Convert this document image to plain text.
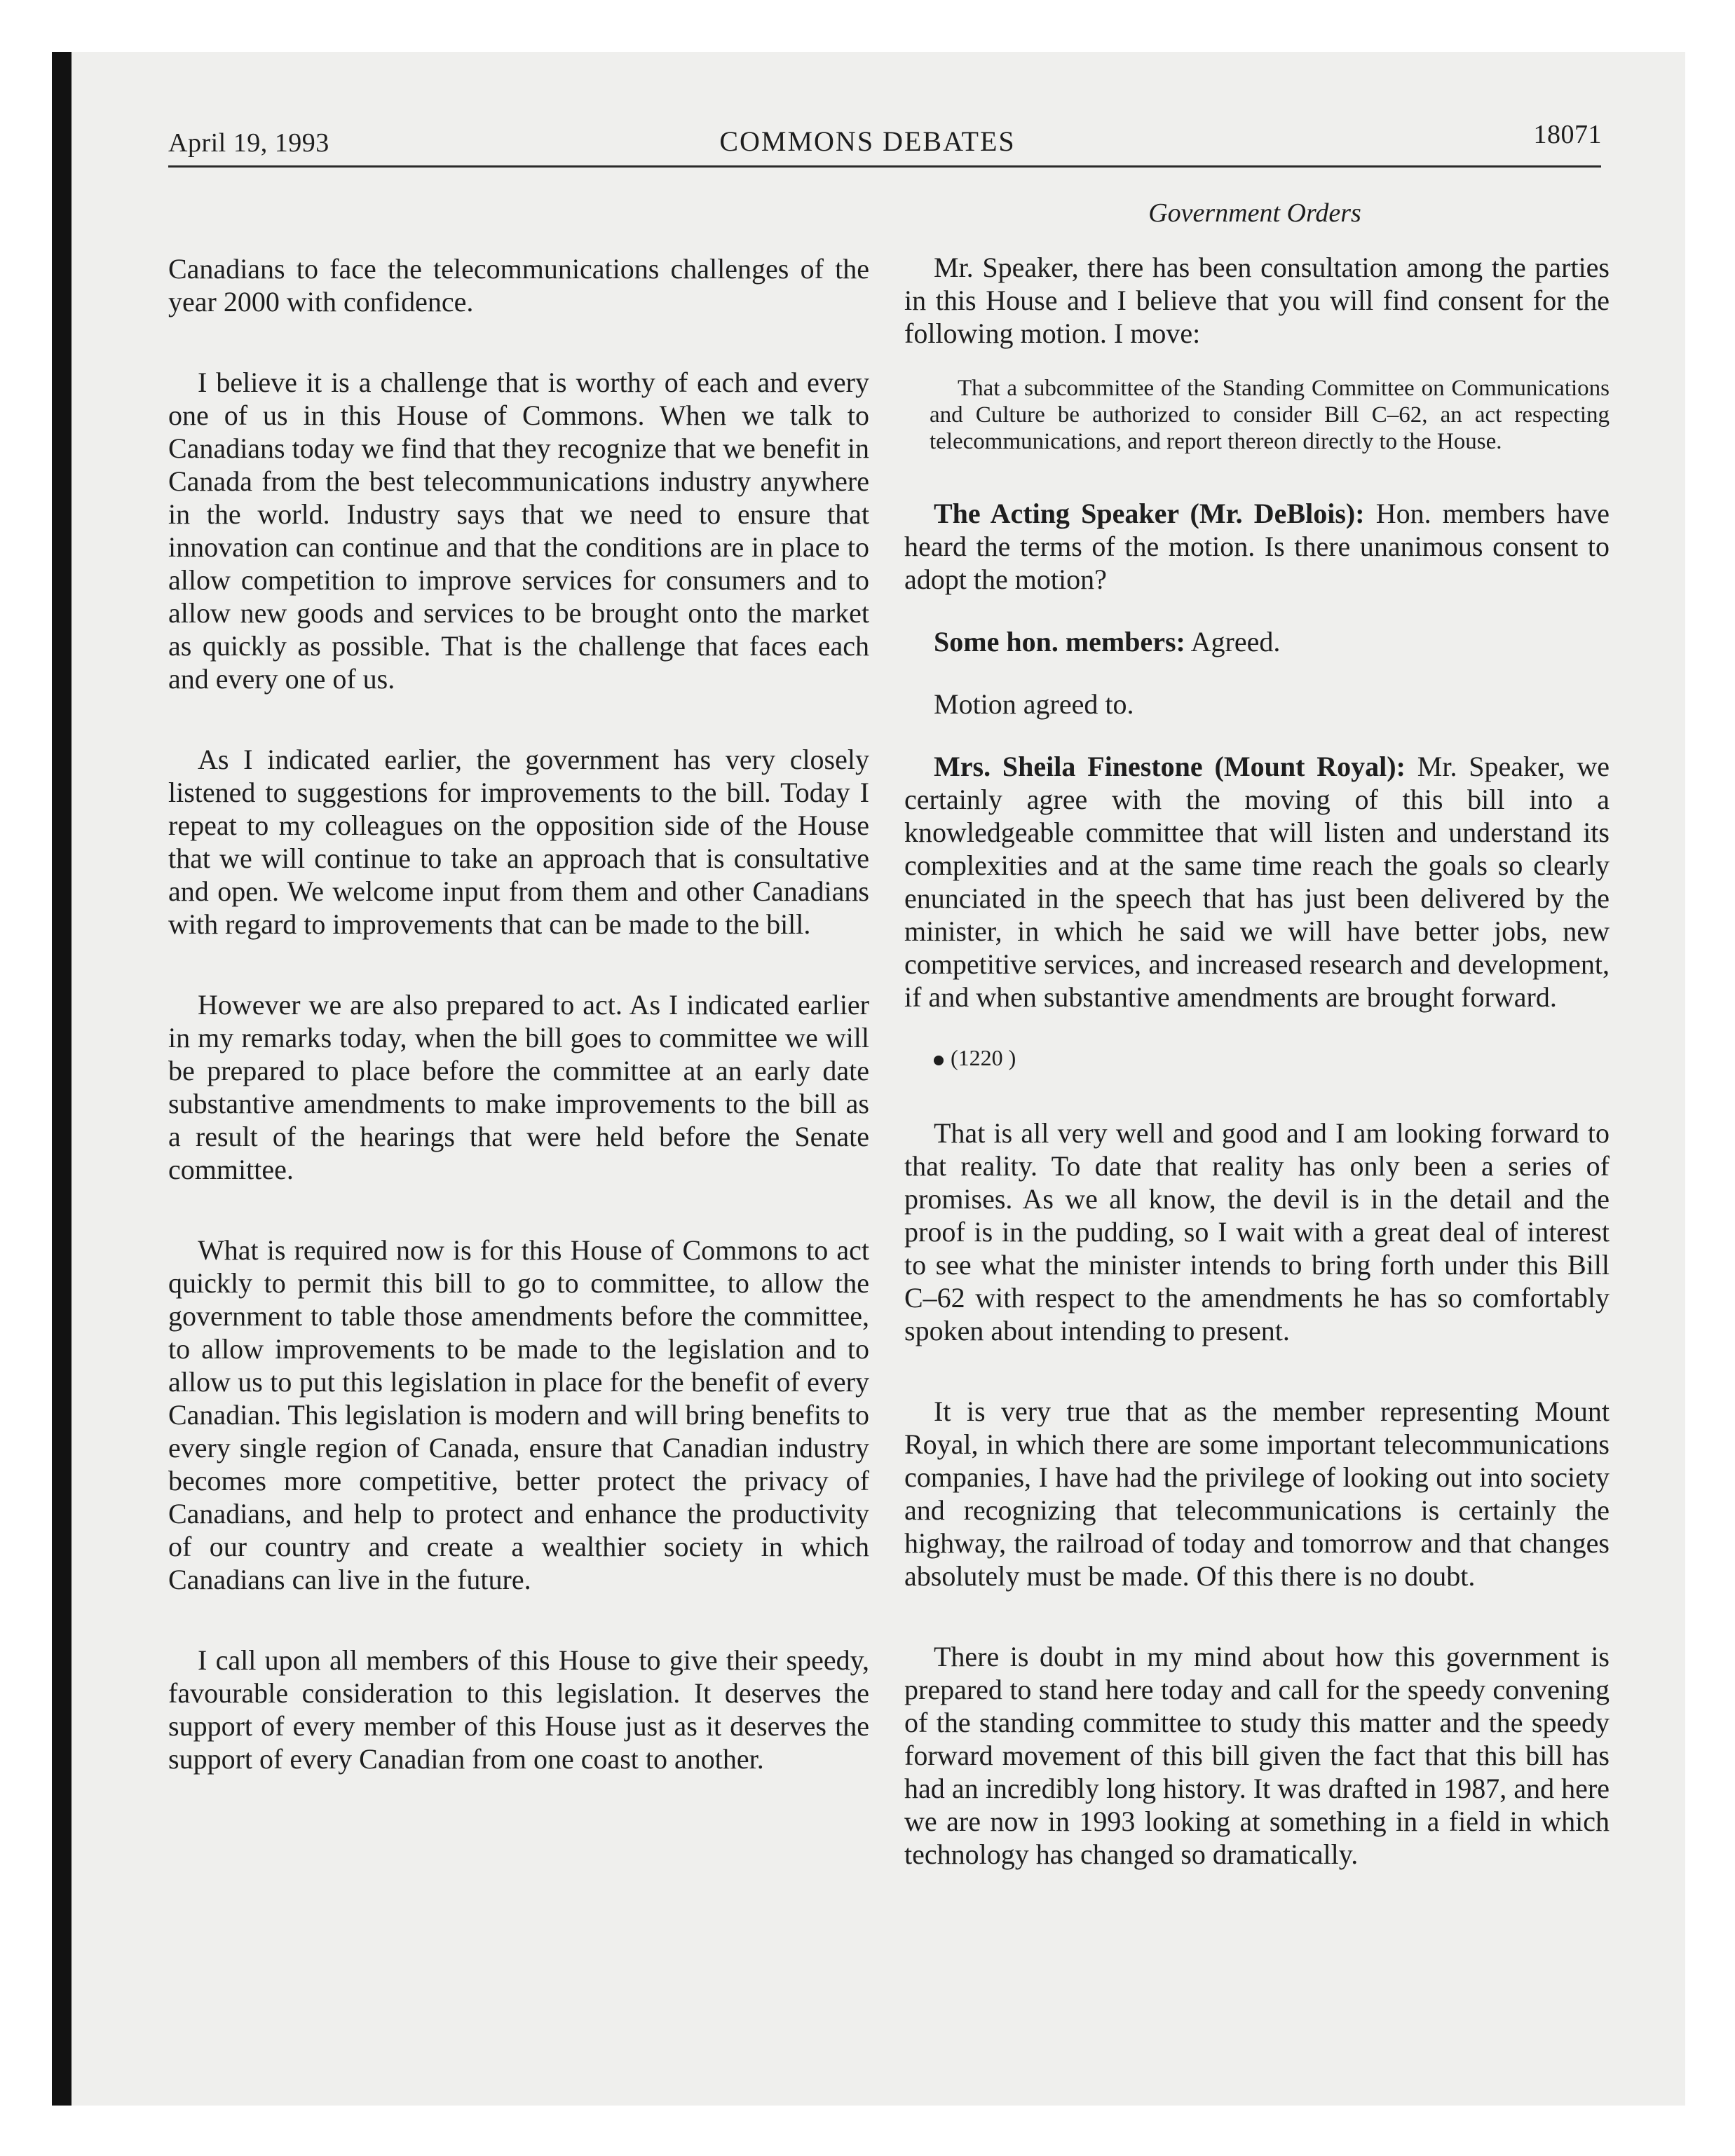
April 19, 1993	COMMONS DEBATES	18071
Government Orders

Canadians to face the telecommunications challenges of the year 2000 with confidence.

I believe it is a challenge that is worthy of each and every one of us in this House of Commons. When we talk to Canadians today we find that they recognize that we benefit in Canada from the best telecommunications industry anywhere in the world. Industry says that we need to ensure that innovation can continue and that the conditions are in place to allow competition to improve services for consumers and to allow new goods and services to be brought onto the market as quickly as possible. That is the challenge that faces each and every one of us.

As I indicated earlier, the government has very closely listened to suggestions for improvements to the bill. Today I repeat to my colleagues on the opposition side of the House that we will continue to take an approach that is consultative and open. We welcome input from them and other Canadians with regard to improvements that can be made to the bill.

However we are also prepared to act. As I indicated earlier in my remarks today, when the bill goes to committee we will be prepared to place before the committee at an early date substantive amendments to make improvements to the bill as a result of the hearings that were held before the Senate committee.

What is required now is for this House of Commons to act quickly to permit this bill to go to committee, to allow the government to table those amendments before the committee, to allow improvements to be made to the legislation and to allow us to put this legislation in place for the benefit of every Canadian. This legislation is modern and will bring benefits to every single region of Canada, ensure that Canadian industry becomes more competitive, better protect the privacy of Canadians, and help to protect and enhance the productivity of our country and create a wealthier society in which Canadians can live in the future.

I call upon all members of this House to give their speedy, favourable consideration to this legislation. It deserves the support of every member of this House just as it deserves the support of every Canadian from one coast to another.

Mr. Speaker, there has been consultation among the parties in this House and I believe that you will find consent for the following motion. I move:

That a subcommittee of the Standing Committee on Communications and Culture be authorized to consider Bill C–62, an act respecting telecommunications, and report thereon directly to the House.

The Acting Speaker (Mr. DeBlois): Hon. members have heard the terms of the motion. Is there unanimous consent to adopt the motion?

Some hon. members: Agreed.

Motion agreed to.

Mrs. Sheila Finestone (Mount Royal): Mr. Speaker, we certainly agree with the moving of this bill into a knowledgeable committee that will listen and understand its complexities and at the same time reach the goals so clearly enunciated in the speech that has just been delivered by the minister, in which he said we will have better jobs, new competitive services, and increased research and development, if and when substantive amendments are brought forward.

(1220 )

That is all very well and good and I am looking forward to that reality. To date that reality has only been a series of promises. As we all know, the devil is in the detail and the proof is in the pudding, so I wait with a great deal of interest to see what the minister intends to bring forth under this Bill C–62 with respect to the amendments he has so comfortably spoken about intending to present.

It is very true that as the member representing Mount Royal, in which there are some important telecommunications companies, I have had the privilege of looking out into society and recognizing that telecommunications is certainly the highway, the railroad of today and tomorrow and that changes absolutely must be made. Of this there is no doubt.

There is doubt in my mind about how this government is prepared to stand here today and call for the speedy convening of the standing committee to study this matter and the speedy forward movement of this bill given the fact that this bill has had an incredibly long history. It was drafted in 1987, and here we are now in 1993 looking at something in a field in which technology has changed so dramatically.
